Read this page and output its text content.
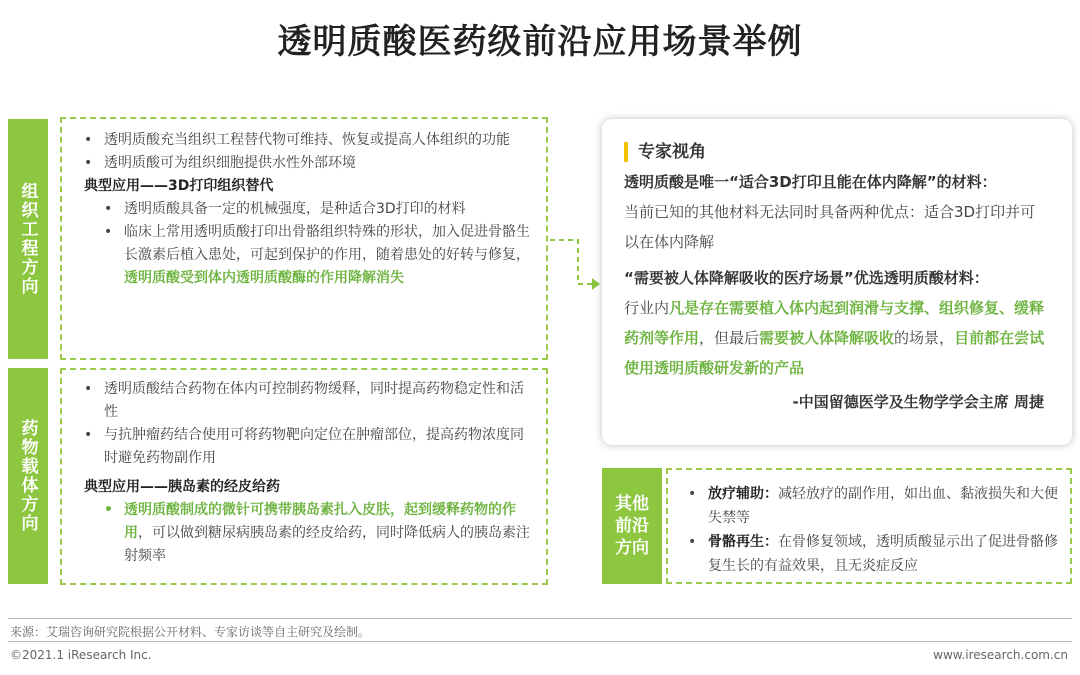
透明质酸医药级前沿应用场景举例
组织工程方向
• 透明质酸充当组织工程替代物可维持、恢复或提高人体组织的功能
• 透明质酸可为组织细胞提供水性外部环境
典型应用——3D打印组织替代
• 透明质酸具备一定的机械强度，是种适合3D打印的材料
• 临床上常用透明质酸打印出骨骼组织特殊的形状，加入促进骨骼生长激素后植入患处，可起到保护的作用，随着患处的好转与修复，透明质酸受到体内透明质酸酶的作用降解消失
药物载体方向
• 透明质酸结合药物在体内可控制药物缓释，同时提高药物稳定性和活性
• 与抗肿瘤药结合使用可将药物靶向定位在肿瘤部位，提高药物浓度同时避免药物副作用
典型应用——胰岛素的经皮给药
• 透明质酸制成的微针可携带胰岛素扎入皮肤，起到缓释药物的作用，可以做到糖尿病胰岛素的经皮给药，同时降低病人的胰岛素注射频率
专家视角
透明质酸是唯一“适合3D打印且能在体内降解”的材料：
当前已知的其他材料无法同时具备两种优点：适合3D打印并可以在体内降解
“需要被人体降解吸收的医疗场景”优选透明质酸材料：
行业内凡是存在需要植入体内起到润滑与支撑、组织修复、缓释药剂等作用，但最后需要被人体降解吸收的场景，目前都在尝试使用透明质酸研发新的产品
-中国留德医学及生物学学会主席 周捷
其他前沿方向
• 放疗辅助：减轻放疗的副作用，如出血、黏液损失和大便失禁等
• 骨骼再生：在骨修复领域，透明质酸显示出了促进骨骼修复生长的有益效果，且无炎症反应
来源：艾瑞咨询研究院根据公开材料、专家访谈等自主研究及绘制。
©2021.1 iResearch Inc.	www.iresearch.com.cn
